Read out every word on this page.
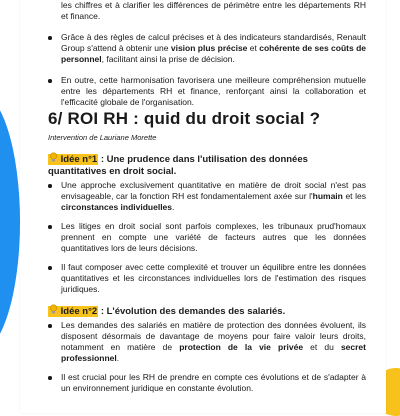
les chiffres et à clarifier les différences de périmètre entre les départements RH et finance.
Grâce à des règles de calcul précises et à des indicateurs standardisés, Renault Group s'attend à obtenir une vision plus précise et cohérente de ses coûts de personnel, facilitant ainsi la prise de décision.
En outre, cette harmonisation favorisera une meilleure compréhension mutuelle entre les départements RH et finance, renforçant ainsi la collaboration et l'efficacité globale de l'organisation.
6/ ROI RH : quid du droit social ?
Intervention de Lauriane Morette
Idée n°1 : Une prudence dans l'utilisation des données quantitatives en droit social.
Une approche exclusivement quantitative en matière de droit social n'est pas envisageable, car la fonction RH est fondamentalement axée sur l'humain et les circonstances individuelles.
Les litiges en droit social sont parfois complexes, les tribunaux prud'homaux prennent en compte une variété de facteurs autres que les données quantitatives lors de leurs décisions.
Il faut composer avec cette complexité et trouver un équilibre entre les données quantitatives et les circonstances individuelles lors de l'estimation des risques juridiques.
Idée n°2 : L'évolution des demandes des salariés.
Les demandes des salariés en matière de protection des données évoluent, ils disposent désormais de davantage de moyens pour faire valoir leurs droits, notamment en matière de protection de la vie privée et du secret professionnel.
Il est crucial pour les RH de prendre en compte ces évolutions et de s'adapter à un environnement juridique en constante évolution.
